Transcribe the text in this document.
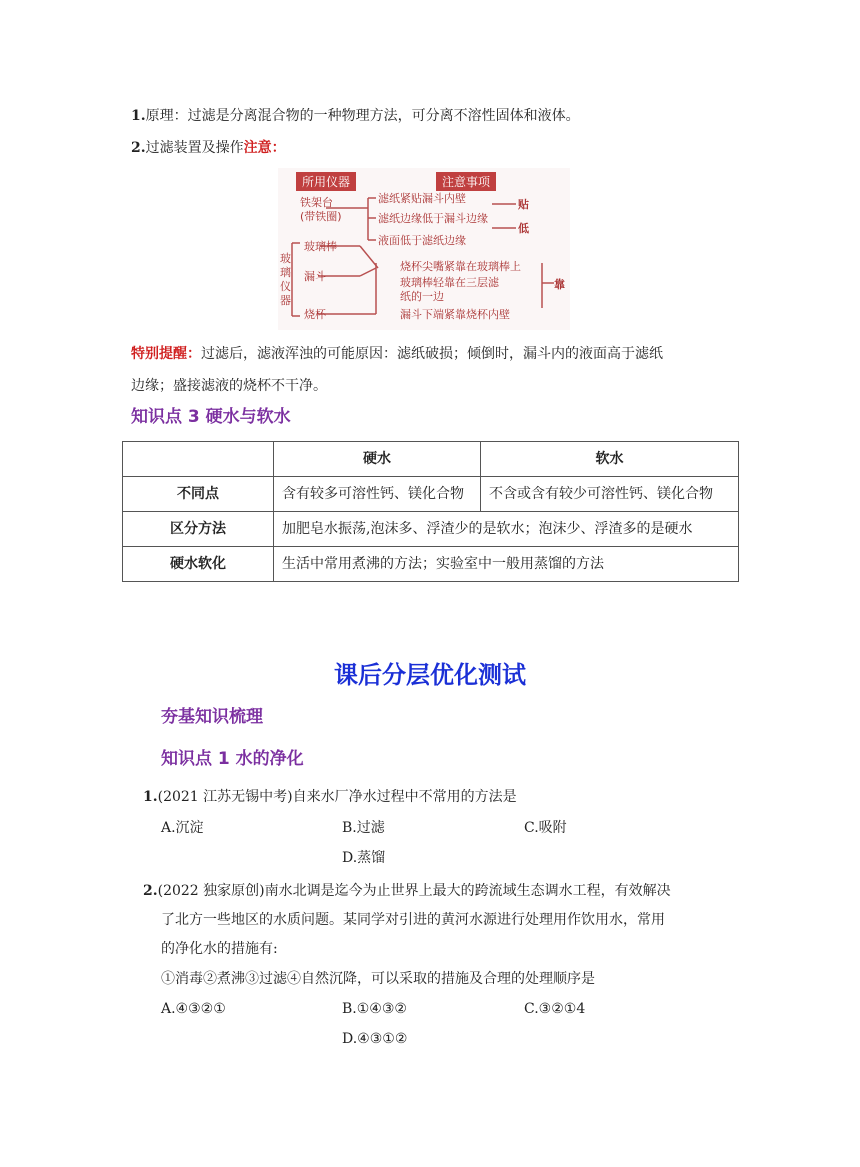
1.原理：过滤是分离混合物的一种物理方法，可分离不溶性固体和液体。
2.过滤装置及操作注意：
所用仪器	注意事项
铁架台
(带铁圈)
玻璃棒
玻
璃
仪
器
漏斗
烧杯
滤纸紧贴漏斗内壁
滤纸边缘低于漏斗边缘
液面低于滤纸边缘
烧杯尖嘴紧靠在玻璃棒上
玻璃棒轻靠在三层滤
纸的一边
漏斗下端紧靠烧杯内壁
贴
低
靠
特别提醒：过滤后，滤液浑浊的可能原因：滤纸破损；倾倒时，漏斗内的液面高于滤纸
边缘；盛接滤液的烧杯不干净。
知识点 3 硬水与软水
	硬水	软水
不同点	含有较多可溶性钙、镁化合物	不含或含有较少可溶性钙、镁化合物
区分方法	加肥皂水振荡,泡沫多、浮渣少的是软水；泡沫少、浮渣多的是硬水	
硬水软化	生活中常用煮沸的方法；实验室中一般用蒸馏的方法	
课后分层优化测试
夯基知识梳理
知识点 1 水的净化
1.(2021 江苏无锡中考)自来水厂净水过程中不常用的方法是
A.沉淀	B.过滤	C.吸附
D.蒸馏
2.(2022 独家原创)南水北调是迄今为止世界上最大的跨流域生态调水工程，有效解决
了北方一些地区的水质问题。某同学对引进的黄河水源进行处理用作饮用水，常用
的净化水的措施有:
①消毒②煮沸③过滤④自然沉降，可以采取的措施及合理的处理顺序是
A.④③②①	B.①④③②	C.③②①4
D.④③①②
